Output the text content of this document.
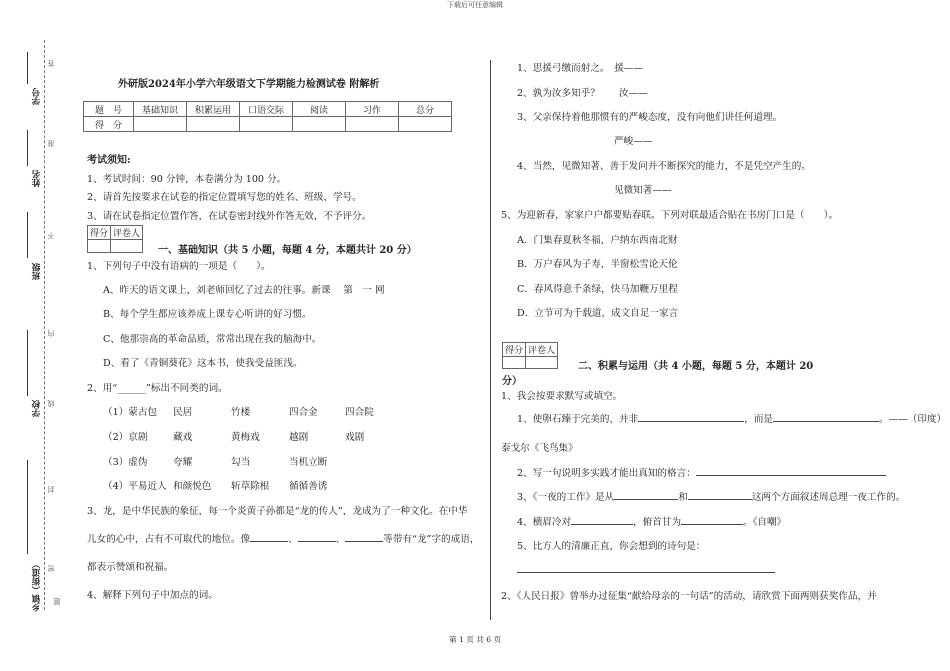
下载后可任意编辑
学号
姓名
班级
学校
乡镇（街道）
答
准
不
内
线
封
密
题
外研版2024年小学六年级语文下学期能力检测试卷 附解析
题　号	基础知识	积累运用	口语交际	阅读	习作	总分
得　分						
考试须知:
1、考试时间：90 分钟，本卷满分为 100 分。
2、请首先按要求在试卷的指定位置填写您的姓名、班级、学号。
3、请在试卷指定位置作答，在试卷密封线外作答无效，不予评分。
得分	评卷人

一、基础知识（共 5 小题，每题 4 分，本题共计 20 分）
1、下列句子中没有语病的一项是（　　）。
A、昨天的语文课上，刘老师回忆了过去的往事。新课　 第　一 网
B、每个学生都应该养成上课专心听讲的好习惯。
C、他那崇高的革命品质，常常出现在我的脑海中。
D、看了《青铜葵花》这本书，使我受益匪浅。
2、用“______”标出不同类的词。
（1）蒙古包 民居	竹楼	四合金	四合院
（2）京剧	藏戏	黄梅戏	越剧	戏剧
（3）虚伪	夸耀	勾当	当机立断
（4）平易近人 和颜悦色 斩草除根 循循善诱
3、龙，是中华民族的象征，每一个炎黄子孙都是“龙的传人”，龙成为了一种文化。在中华
儿女的心中，占有不可取代的地位。像	、	、	等带有“龙”字的成语，
都表示赞颂和祝福。
4、解释下列句子中加点的词。
1、思援弓缴而射之。　援——
2、孰为汝多知乎？　　汝——
3、父亲保持着他那惯有的严峻态度，没有向他们讲任何道理。
严峻——
4、当然，见微知著、善于发问并不断探究的能力，不是凭空产生的。
见微知著——
5、为迎新春，家家户户都要贴春联。下列对联最适合贴在书房门口是（　　）。
A．门集春夏秋冬福，户纳东西南北财
B．万户春风为子寿，半窗松雪论天伦
C．春风得意千条绿，快马加鞭万里程
D．立节可为千载道，成文自足一家言
得分	评卷人

二、积累与运用（共 4 小题，每题 5 分，本题计 20
分）
1、我会按要求默写或填空。
1、使卵石臻于完美的，并非	，而是	。——（印度）
泰戈尔《飞鸟集》
2、写一句说明多实践才能出真知的格言：
3、《一夜的工作》是从	和	这两个方面叙述周总理一夜工作的。
4、横眉冷对	，俯首甘为	。《自嘲》
5、比方人的清廉正直，你会想到的诗句是：
2、《人民日报》曾举办过征集“献给母亲的一句话”的活动，请欣赏下面两则获奖作品，并
第 1 页 共 6 页
